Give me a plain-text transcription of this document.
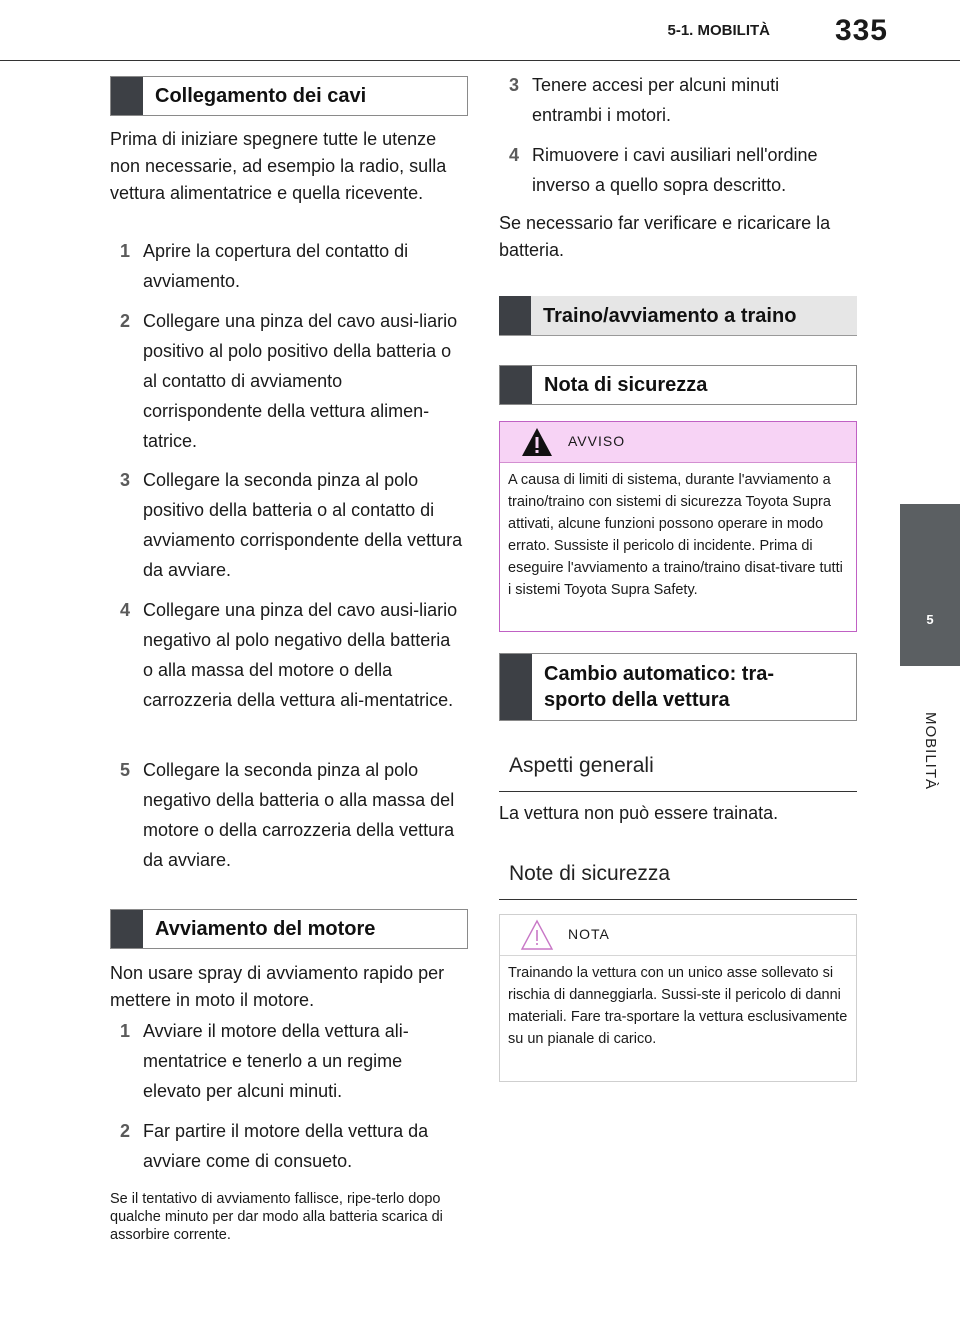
5-1. MOBILITÀ 335
5
MOBILITÀ
Collegamento dei cavi
Prima di iniziare spegnere tutte le utenze non necessarie, ad esempio la radio, sulla vettura alimentatrice e quella ricevente.
1 Aprire la copertura del contatto di avviamento.
2 Collegare una pinza del cavo ausi-liario positivo al polo positivo della batteria o al contatto di avviamento corrispondente della vettura alimen-tatrice.
3 Collegare la seconda pinza al polo positivo della batteria o al contatto di avviamento corrispondente della vettura da avviare.
4 Collegare una pinza del cavo ausi-liario negativo al polo negativo della batteria o alla massa del motore o della carrozzeria della vettura ali-mentatrice.
5 Collegare la seconda pinza al polo negativo della batteria o alla massa del motore o della carrozzeria della vettura da avviare.
Avviamento del motore
Non usare spray di avviamento rapido per mettere in moto il motore.
1 Avviare il motore della vettura ali-mentatrice e tenerlo a un regime elevato per alcuni minuti.
2 Far partire il motore della vettura da avviare come di consueto.
Se il tentativo di avviamento fallisce, ripe-terlo dopo qualche minuto per dar modo alla batteria scarica di assorbire corrente.
3 Tenere accesi per alcuni minuti entrambi i motori.
4 Rimuovere i cavi ausiliari nell'ordine inverso a quello sopra descritto.
Se necessario far verificare e ricaricare la batteria.
Traino/avviamento a traino
Nota di sicurezza
AVVISO
A causa di limiti di sistema, durante l'avviamento a traino/traino con sistemi di sicurezza Toyota Supra attivati, alcune funzioni possono operare in modo errato. Sussiste il pericolo di incidente. Prima di eseguire l'avviamento a traino/traino disat-tivare tutti i sistemi Toyota Supra Safety.
Cambio automatico: tra-sporto della vettura
Aspetti generali
La vettura non può essere trainata.
Note di sicurezza
NOTA
Trainando la vettura con un unico asse sollevato si rischia di danneggiarla. Sussi-ste il pericolo di danni materiali. Fare tra-sportare la vettura esclusivamente su un pianale di carico.
